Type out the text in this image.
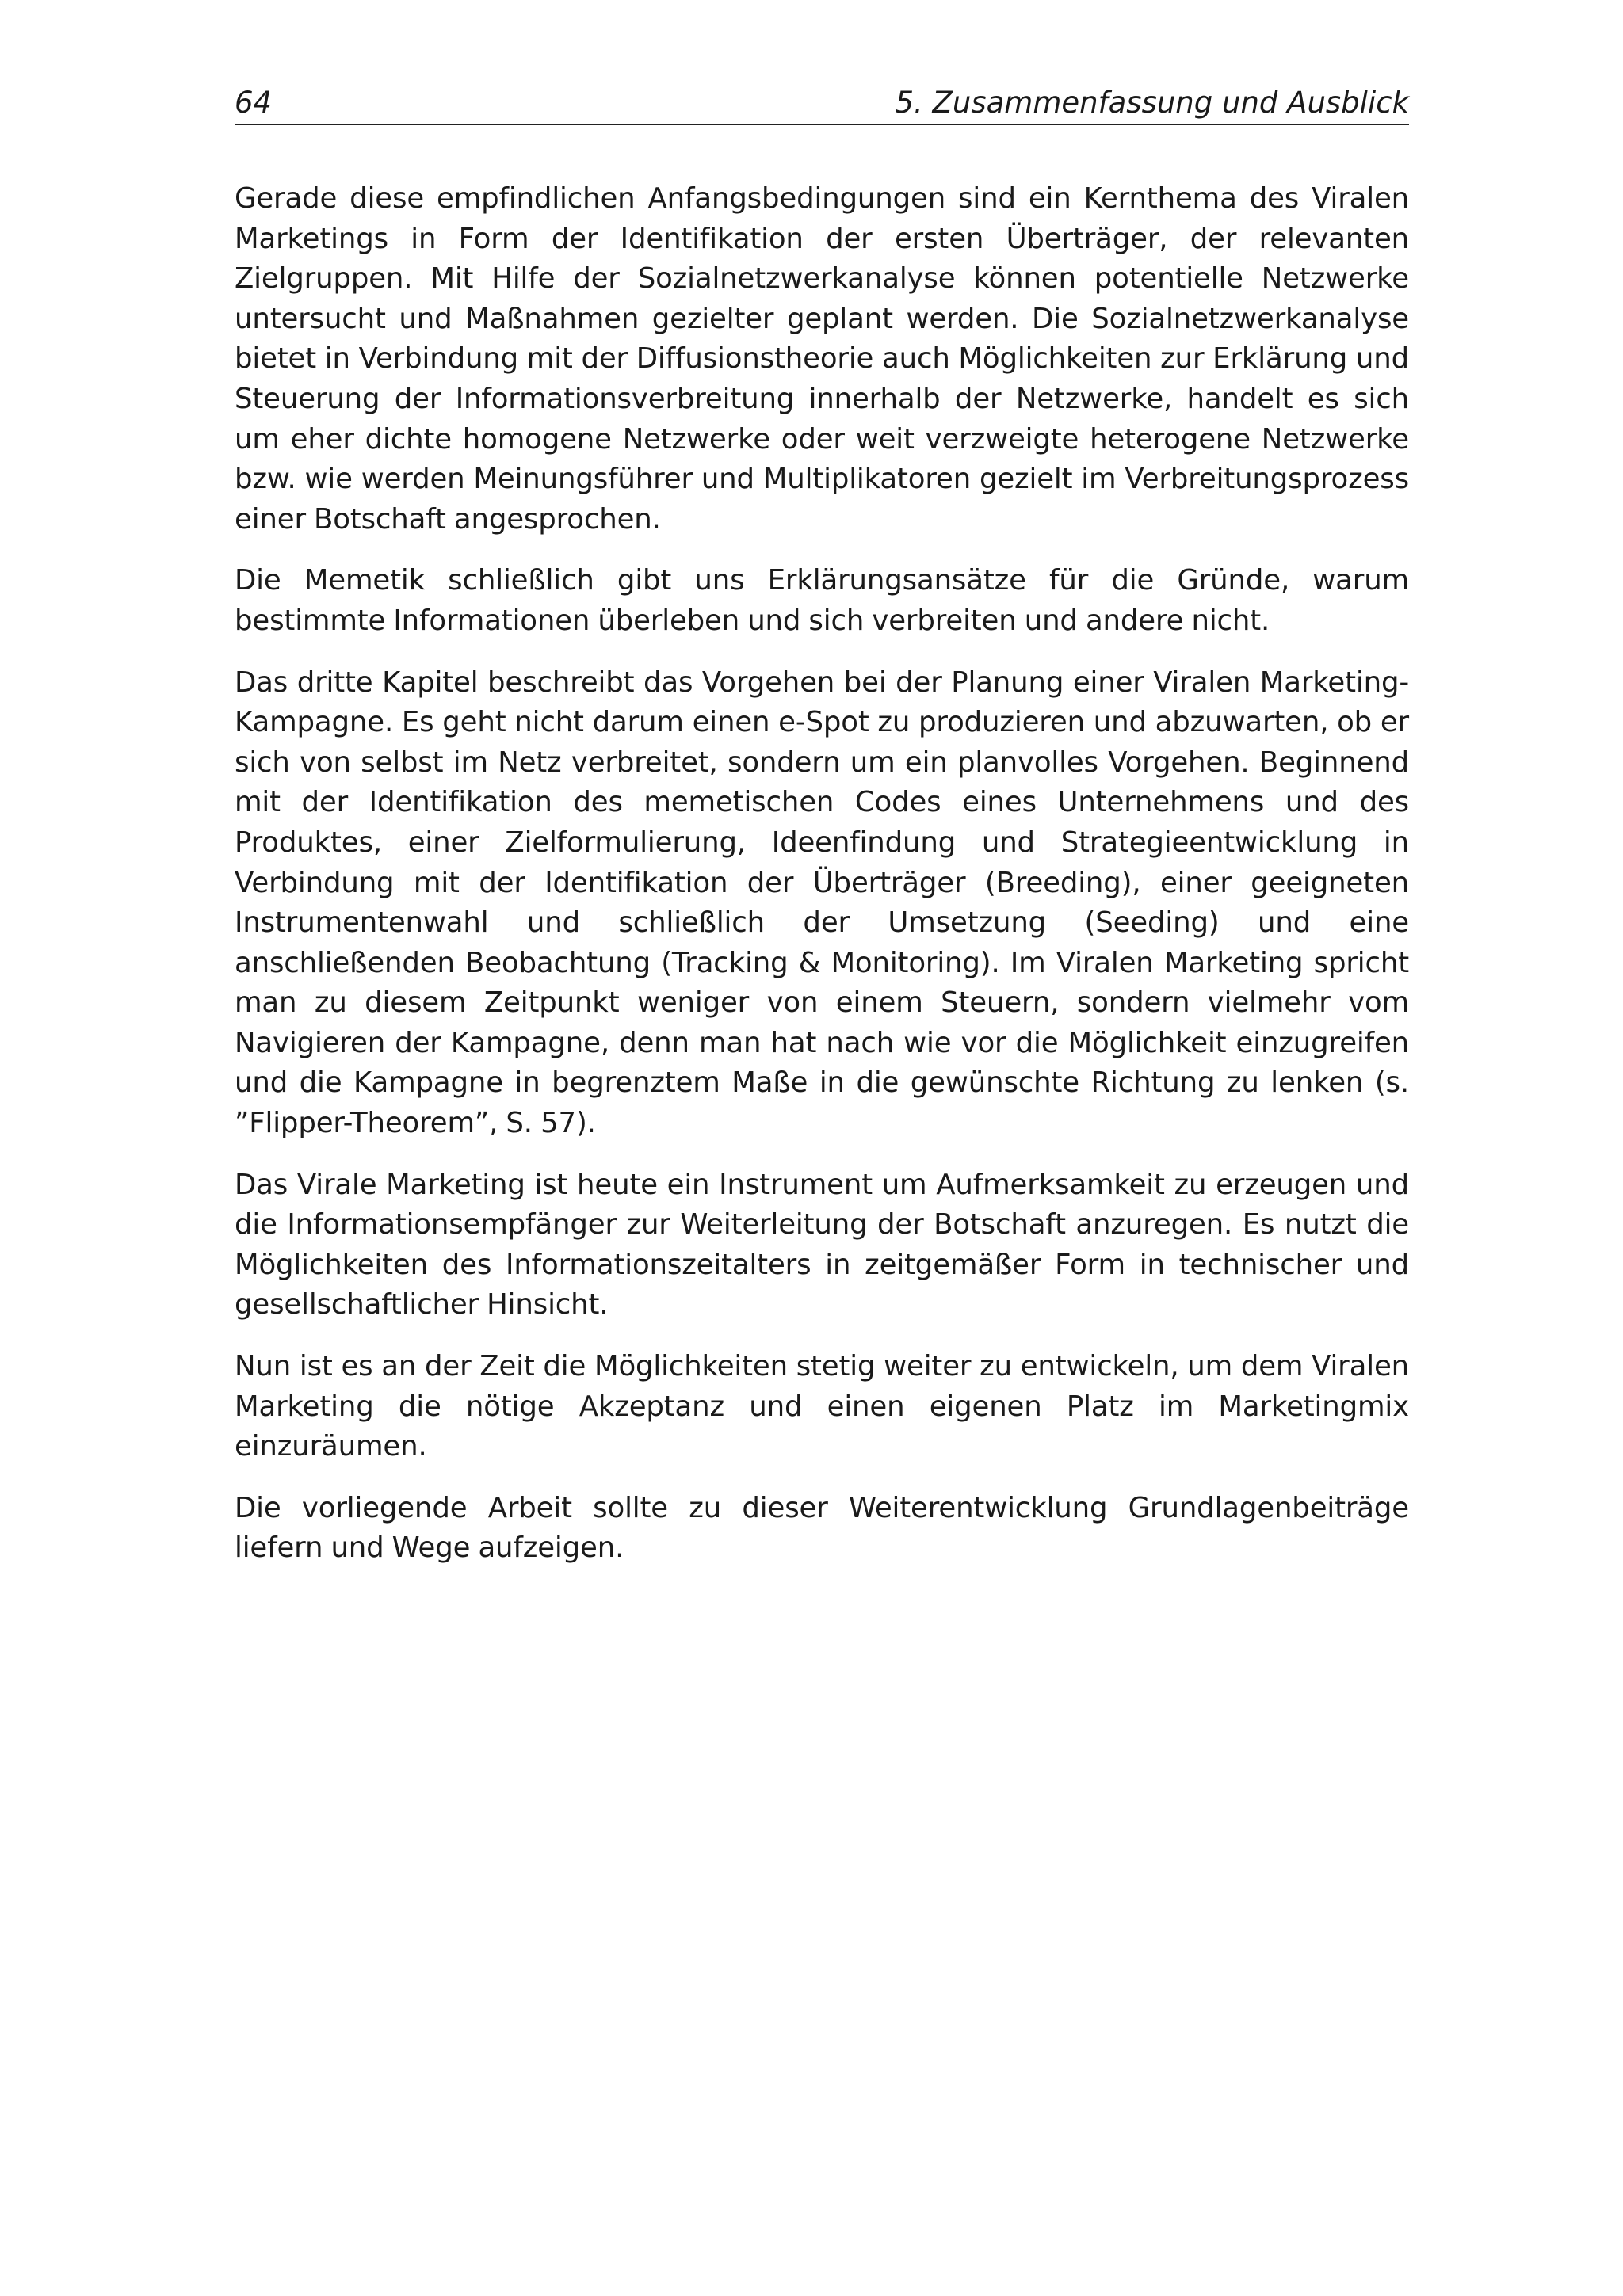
64	5. Zusammenfassung und Ausblick

Gerade diese empfindlichen Anfangsbedingungen sind ein Kernthema des Viralen Marketings in Form der Identifikation der ersten Überträger, der relevanten Zielgruppen. Mit Hilfe der Sozialnetzwerkanalyse können potentielle Netzwerke untersucht und Maßnahmen gezielter geplant werden. Die Sozialnetzwerkanalyse bietet in Verbindung mit der Diffusionstheorie auch Möglichkeiten zur Erklärung und Steuerung der Informationsverbreitung innerhalb der Netzwerke, handelt es sich um eher dichte homogene Netzwerke oder weit verzweigte heterogene Netzwerke bzw. wie werden Meinungsführer und Multiplikatoren gezielt im Verbreitungsprozess einer Botschaft angesprochen.

Die Memetik schließlich gibt uns Erklärungsansätze für die Gründe, warum bestimmte Informationen überleben und sich verbreiten und andere nicht.

Das dritte Kapitel beschreibt das Vorgehen bei der Planung einer Viralen Marketing-Kampagne. Es geht nicht darum einen e-Spot zu produzieren und abzuwarten, ob er sich von selbst im Netz verbreitet, sondern um ein planvolles Vorgehen. Beginnend mit der Identifikation des memetischen Codes eines Unternehmens und des Produktes, einer Zielformulierung, Ideenfindung und Strategieentwicklung in Verbindung mit der Identifikation der Überträger (Breeding), einer geeigneten Instrumentenwahl und schließlich der Umsetzung (Seeding) und eine anschließenden Beobachtung (Tracking & Monitoring). Im Viralen Marketing spricht man zu diesem Zeitpunkt weniger von einem Steuern, sondern vielmehr vom Navigieren der Kampagne, denn man hat nach wie vor die Möglichkeit einzugreifen und die Kampagne in begrenztem Maße in die gewünschte Richtung zu lenken (s. ”Flipper-Theorem”, S. 57).

Das Virale Marketing ist heute ein Instrument um Aufmerksamkeit zu erzeugen und die Informationsempfänger zur Weiterleitung der Botschaft anzuregen. Es nutzt die Möglichkeiten des Informationszeitalters in zeitgemäßer Form in technischer und gesellschaftlicher Hinsicht.

Nun ist es an der Zeit die Möglichkeiten stetig weiter zu entwickeln, um dem Viralen Marketing die nötige Akzeptanz und einen eigenen Platz im Marketingmix einzuräumen.

Die vorliegende Arbeit sollte zu dieser Weiterentwicklung Grundlagenbeiträge liefern und Wege aufzeigen.
